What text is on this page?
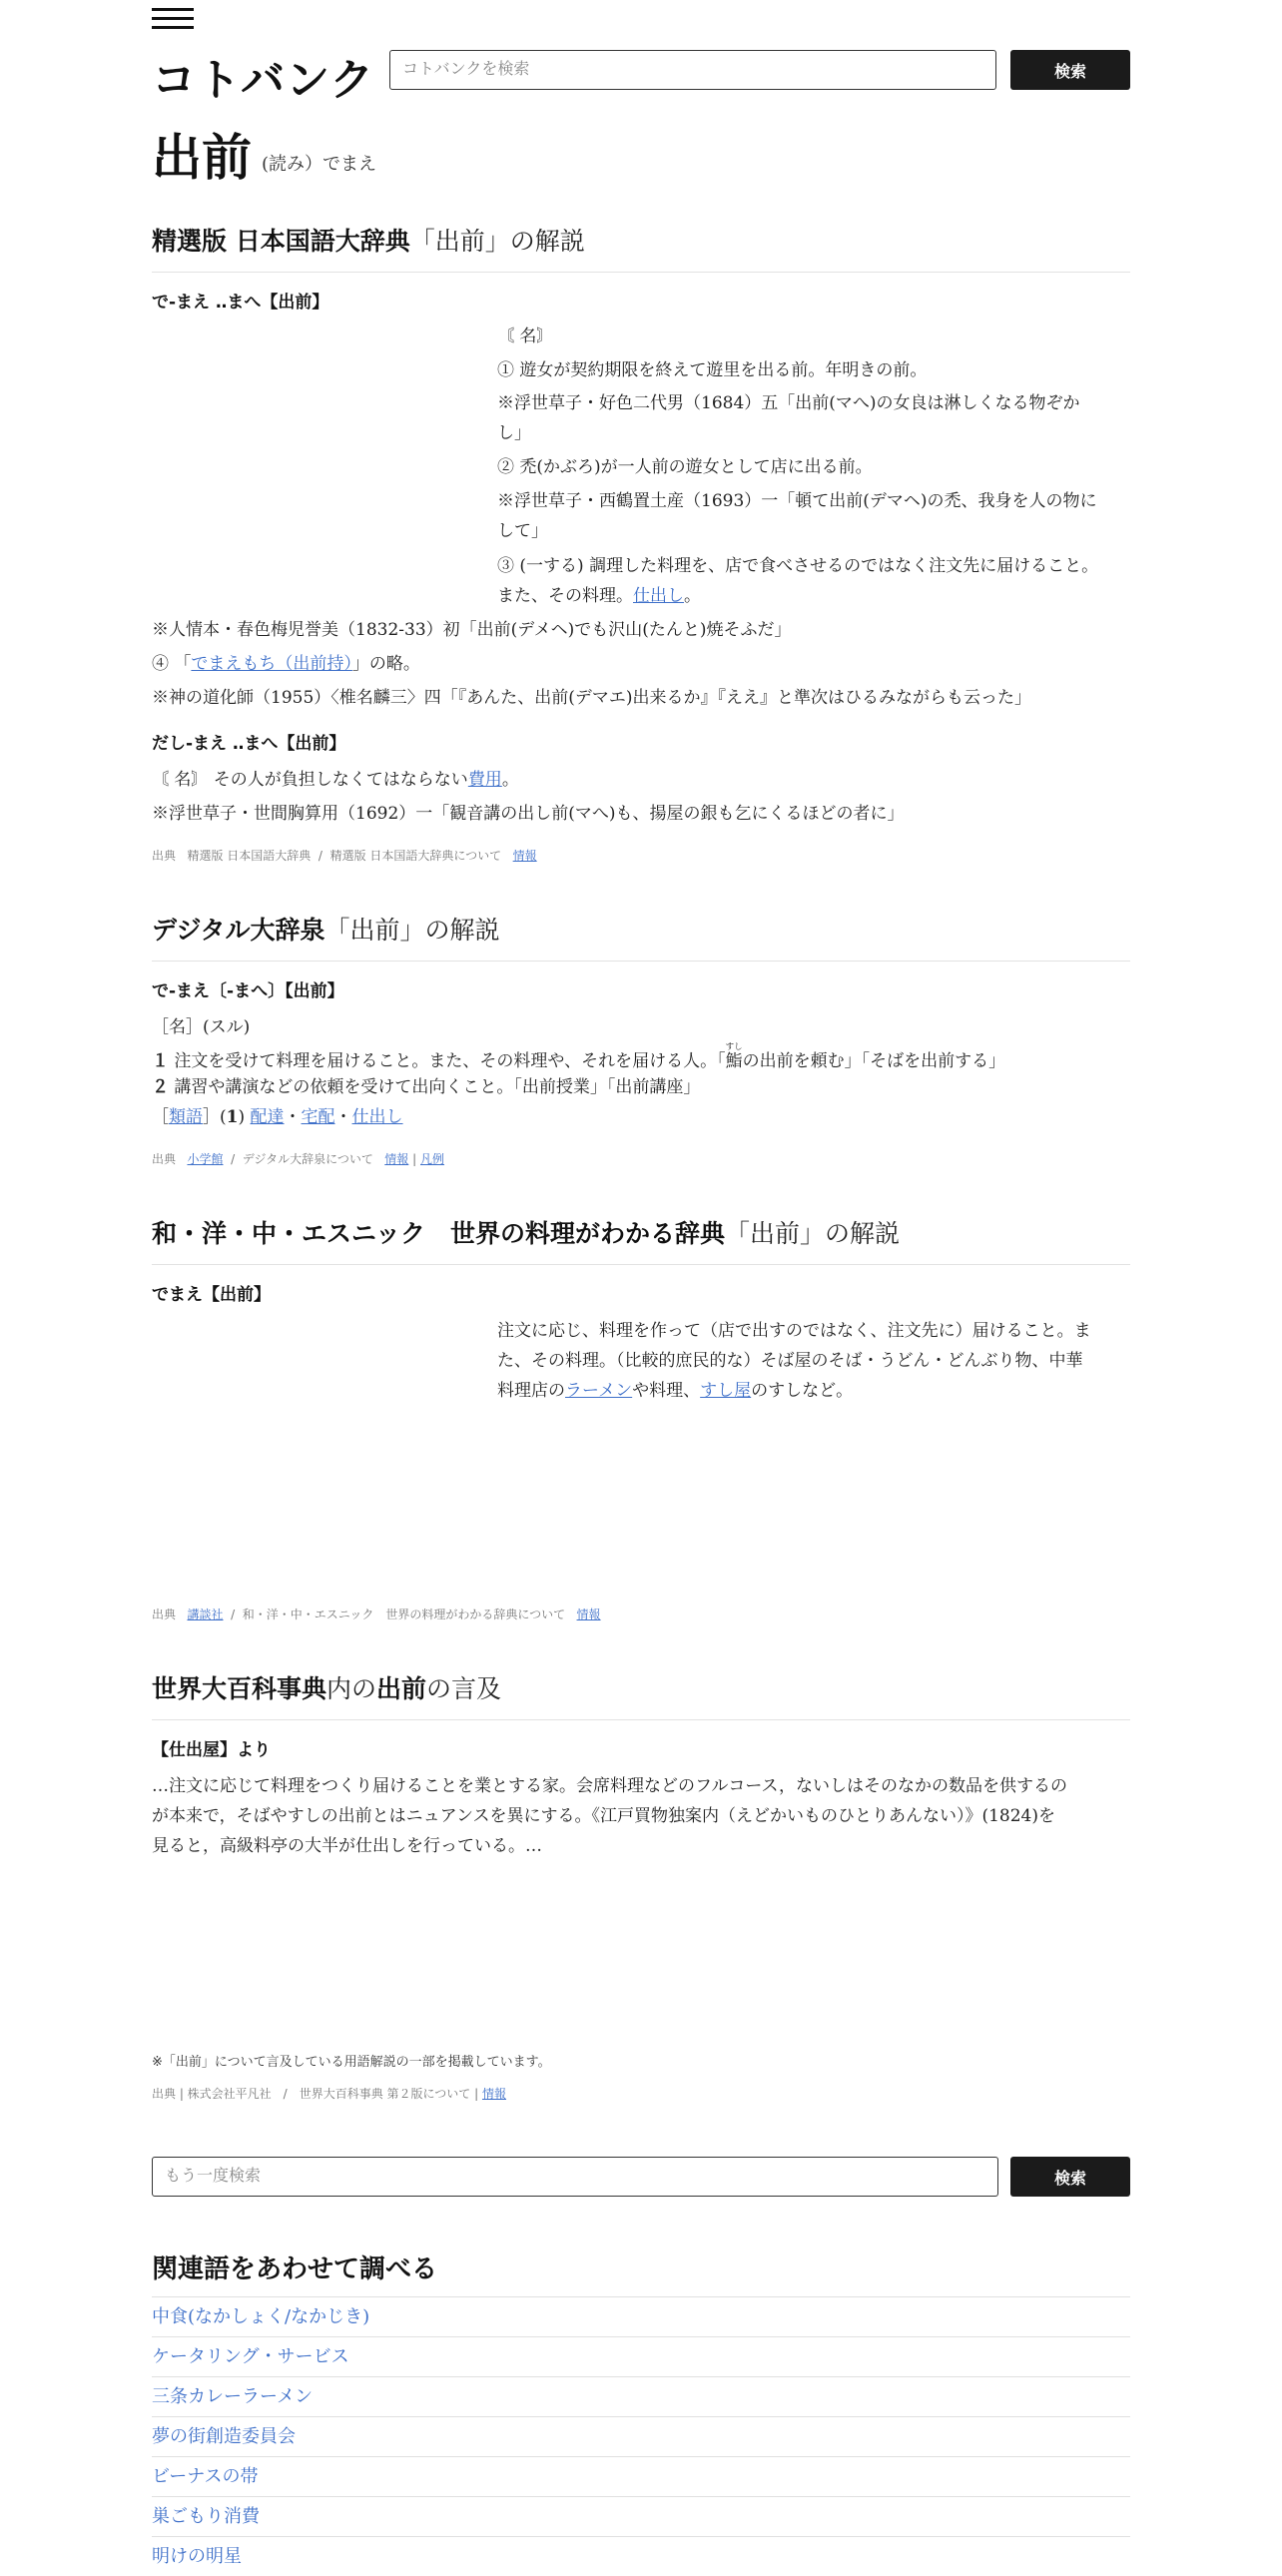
コトバンク
コトバンクを検索	検索
出前 (読み）でまえ
精選版 日本国語大辞典「出前」の解説
で‐まえ ‥まへ【出前】
〘 名〙
① 遊女が契約期限を終えて遊里を出る前。年明きの前。
※浮世草子・好色二代男（1684）五「出前(マへ)の女良は淋しくなる物ぞか
し」
② 禿(かぶろ)が一人前の遊女として店に出る前。
※浮世草子・西鶴置土産（1693）一「頓て出前(デマヘ)の禿、我身を人の物に
して」
③ (一する) 調理した料理を、店で食べさせるのではなく注文先に届けること。
また、その料理。仕出し。
※人情本・春色梅児誉美（1832‐33）初「出前(デメヘ)でも沢山(たんと)焼そふだ」
④ 「でまえもち（出前持）」の略。
※神の道化師（1955）〈椎名麟三〉四「『あんた、出前(デマエ)出来るか』『ええ』と準次はひるみながらも云った」
だし‐まえ ‥まへ【出前】
〘 名〙 その人が負担しなくてはならない費用。
※浮世草子・世間胸算用（1692）一「観音講の出し前(マへ)も、揚屋の銀も乞にくるほどの者に」
出典 精選版 日本国語大辞典  /  精選版 日本国語大辞典について 情報
デジタル大辞泉「出前」の解説
で‐まえ〔‐まへ〕【出前】
［名］(スル)
１ 注文を受けて料理を届けること。また、その料理や、それを届ける人。「鮨すしの出前を頼む」「そばを出前する」
２ 講習や講演などの依頼を受けて出向くこと。「出前授業」「出前講座」
［類語］(1) 配達・宅配・仕出し
出典 小学館  /  デジタル大辞泉について 情報 | 凡例
和・洋・中・エスニック　世界の料理がわかる辞典「出前」の解説
でまえ【出前】
注文に応じ、料理を作って（店で出すのではなく、注文先に）届けること。ま
た、その料理。（比較的庶民的な）そば屋のそば・うどん・どんぶり物、中華
料理店のラーメンや料理、すし屋のすしなど。
出典 講談社  /  和・洋・中・エスニック　世界の料理がわかる辞典について 情報
世界大百科事典内の出前の言及
【仕出屋】より
…注文に応じて料理をつくり届けることを業とする家。会席料理などのフルコース，ないしはそのなかの数品を供するの
が本来で，そばやすしの出前とはニュアンスを異にする。《江戸買物独案内（えどかいものひとりあんない）》(1824)を
見ると，高級料亭の大半が仕出しを行っている。…
※「出前」について言及している用語解説の一部を掲載しています。
出典 | 株式会社平凡社　/　世界大百科事典 第２版について | 情報
もう一度検索
検索
関連語をあわせて調べる
中食(なかしょく/なかじき)
ケータリング・サービス
三条カレーラーメン
夢の街創造委員会
ビーナスの帯
巣ごもり消費
明けの明星
